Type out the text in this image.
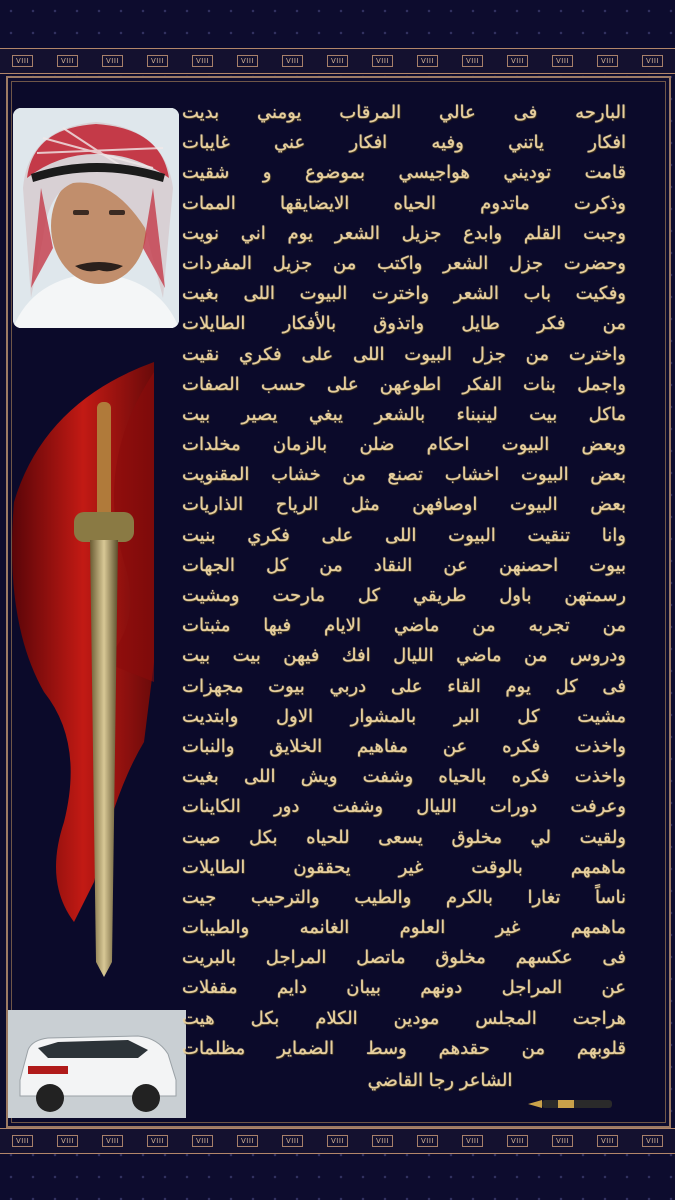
VIII	VIII	VIII	VIII	VIII	VIII	VIII	VIII	VIII	VIII	VIII	VIII	VIII	VIII	VIII
VIII	VIII	VIII	VIII	VIII	VIII	VIII	VIII	VIII	VIII	VIII	VIII	VIII	VIII	VIII
البارحه فى عالي المرقاب يومني بديت
افكار ياتني وفيه افكار عني غايبات
قامت توديني هواجيسي بموضوع و شقيت
وذكرت ماتدوم الحياه الايضايقها الممات
وجبت القلم وابدع جزيل الشعر يوم اني نويت
وحضرت جزل الشعر واكتب من جزيل المفردات
وفكيت باب الشعر واخترت البيوت اللى بغيت
من فكر طايل واتذوق بالأفكار الطايلات
واخترت من جزل البيوت اللى على فكري نقيت
واجمل بنات الفكر اطوعهن على حسب الصفات
ماكل بيت لينبناء بالشعر يبغي يصير بيت
وبعض البيوت احكام ضلن بالزمان مخلدات
بعض البيوت اخشاب تصنع من خشاب المقنويت
بعض البيوت اوصافهن مثل الرياح الذاريات
وانا تنقيت البيوت اللى على فكري بنيت
بيوت احصنهن عن النقاد من كل الجهات
رسمتهن باول طريقي كل مارحت ومشيت
من تجربه من ماضي الايام فيها مثبتات
ودروس من ماضي الليال افك فيهن بيت بيت
فى كل يوم القاء على دربي بيوت مجهزات
مشيت كل البر بالمشوار الاول وابتديت
واخذت فكره عن مفاهيم الخلايق والنبات
واخذت فكره بالحياه وشفت ويش اللى بغيت
وعرفت دورات الليال وشفت دور الكاينات
ولقيت لي مخلوق يسعى للحياه بكل صيت
ماهمهم بالوقت غير يحققون الطايلات
ناساً تغارا بالكرم والطيب والترحيب جيت
ماهمهم غير العلوم الغانمه والطيبات
فى عكسهم مخلوق ماتصل المراجل بالبريت
عن المراجل دونهم بيبان دايم مقفلات
هراجت المجلس مودين الكلام بكل هيت
قلوبهم من حقدهم وسط الضماير مظلمات
الشاعر رجا القاضي
